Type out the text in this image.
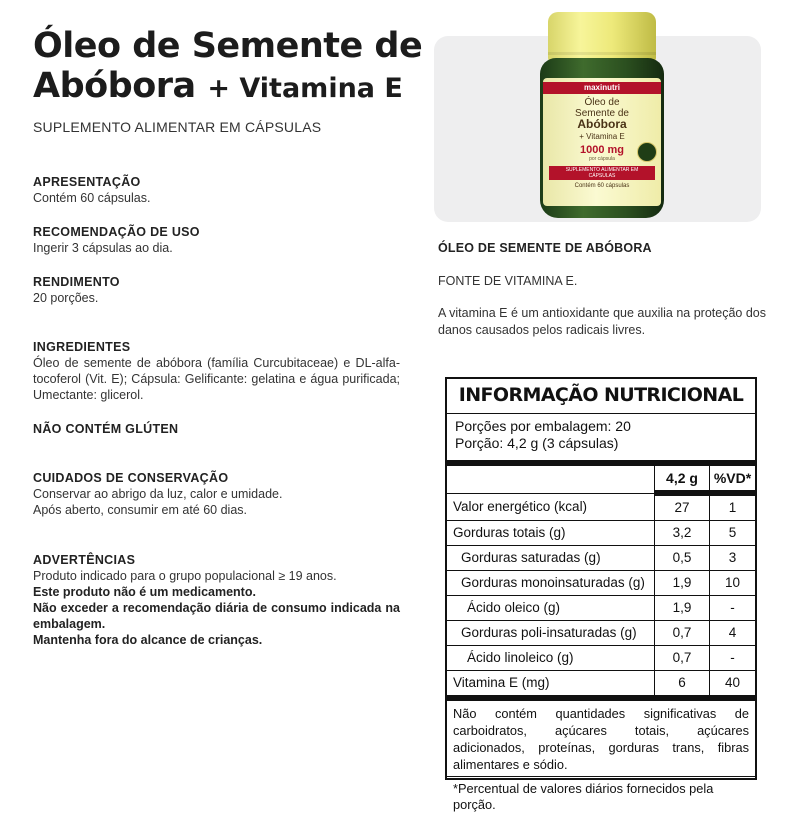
Óleo de Semente de
Abóbora + Vitamina E

SUPLEMENTO ALIMENTAR EM CÁPSULAS

APRESENTAÇÃO

Contém 60 cápsulas.

RECOMENDAÇÃO DE USO

Ingerir 3 cápsulas ao dia.

RENDIMENTO

20 porções.

INGREDIENTES

Óleo de semente de abóbora (família Curcubitaceae) e DL-alfa-tocoferol (Vit. E); Cápsula: Gelificante: gelatina e água purificada; Umectante: glicerol.

NÃO CONTÉM GLÚTEN
CUIDADOS DE CONSERVAÇÃO

Conservar ao abrigo da luz, calor e umidade.

Após aberto, consumir em até 60 dias.

ADVERTÊNCIAS

Produto indicado para o grupo populacional ≥ 19 anos.

Este produto não é um medicamento.

Não exceder a recomendação diária de consumo indicada na embalagem.

Mantenha fora do alcance de crianças.

maxinutri
Óleo de
Semente de
Abóbora
+ Vitamina E
1000 mg
por cápsula
SUPLEMENTO ALIMENTAR EM CÁPSULAS
Contém 60 cápsulas
ÓLEO DE SEMENTE DE ABÓBORA
FONTE DE VITAMINA E.
A vitamina E é um antioxidante que auxilia na proteção dos danos causados pelos radicais livres.
INFORMAÇÃO NUTRICIONAL
Porções por embalagem: 20
Porção: 4,2 g (3 cápsulas)
	4,2 g	%VD*
Valor energético (kcal)	27	1
Gorduras totais (g)	3,2	5
Gorduras saturadas (g)	0,5	3
Gorduras monoinsaturadas (g)	1,9	10
Ácido oleico (g)	1,9	-
Gorduras poli-insaturadas (g)	0,7	4
Ácido linoleico (g)	0,7	-
Vitamina E (mg)	6	40
Não contém quantidades significativas de carboidratos, açúcares totais, açúcares adicionados, proteínas, gorduras trans, fibras alimentares e sódio.
*Percentual de valores diários fornecidos pela porção.
